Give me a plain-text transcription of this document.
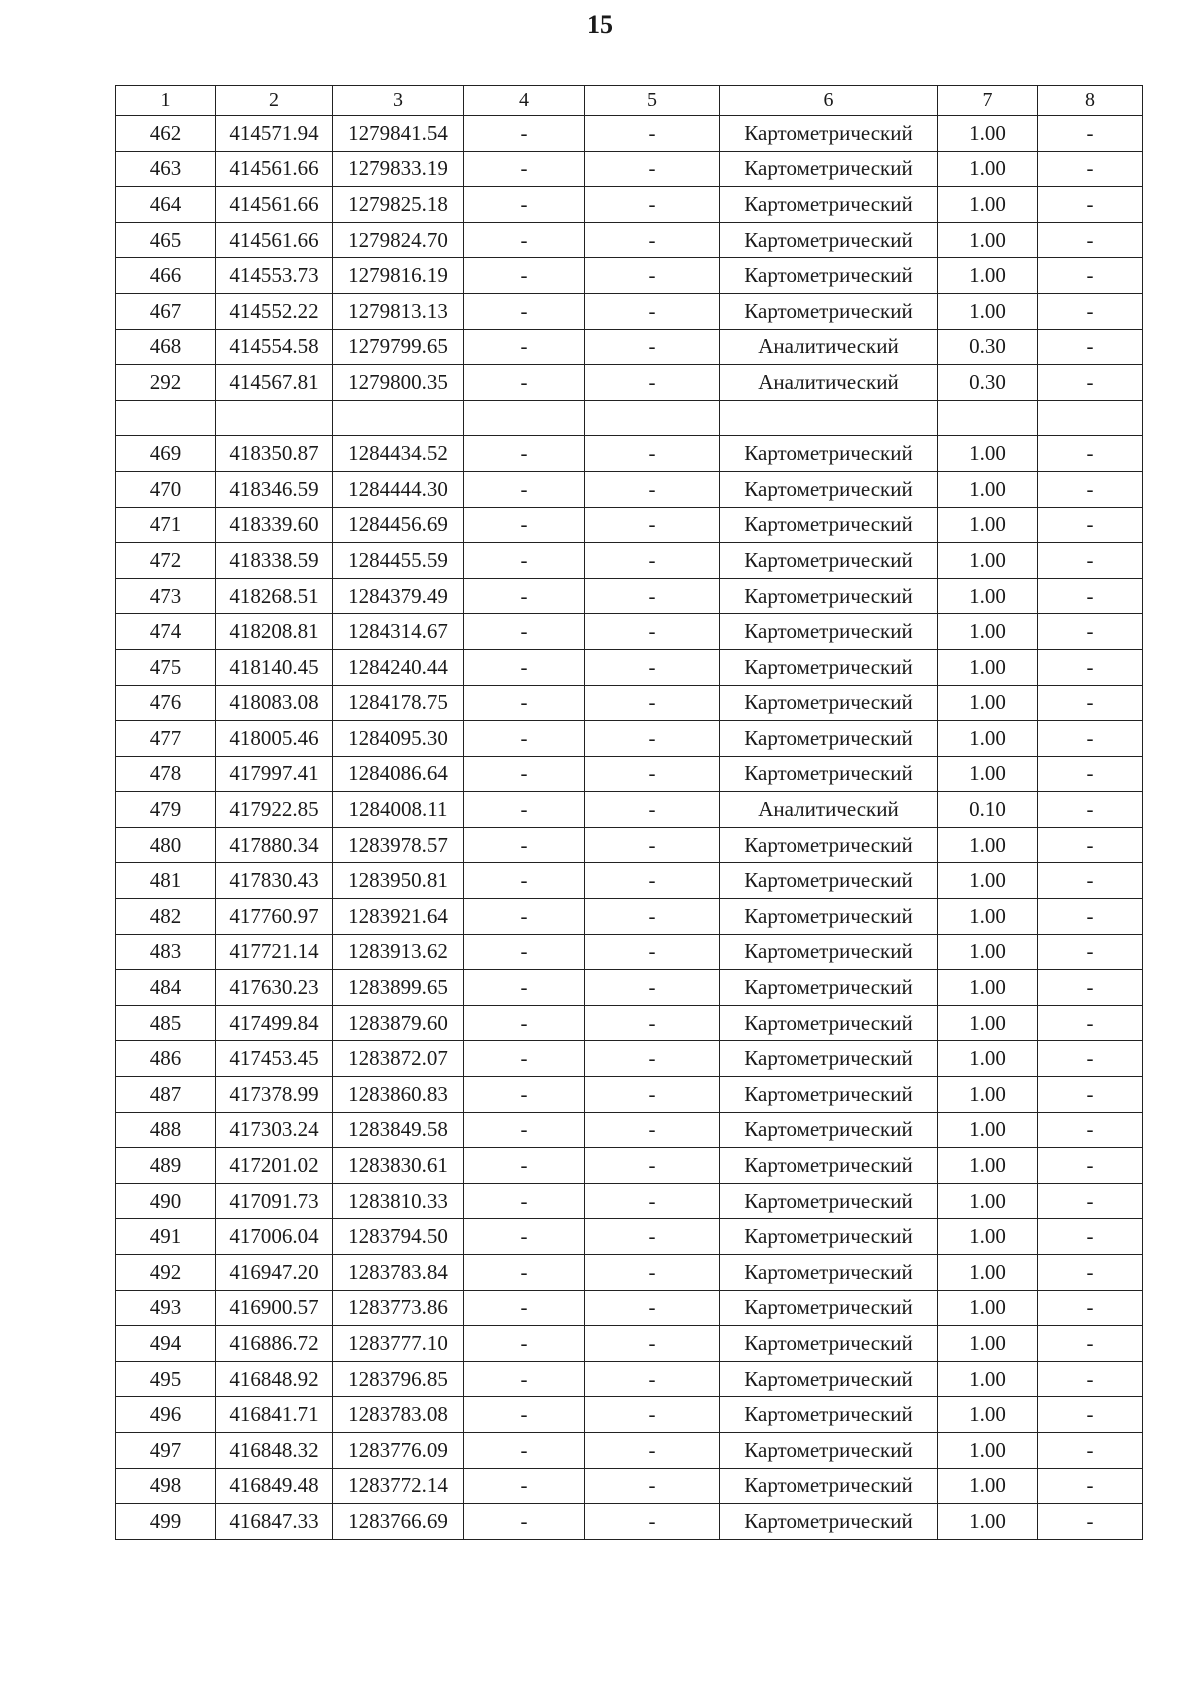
15
1	2	3	4	5	6	7	8
462	414571.94	1279841.54	-	-	Картометрический	1.00	-
463	414561.66	1279833.19	-	-	Картометрический	1.00	-
464	414561.66	1279825.18	-	-	Картометрический	1.00	-
465	414561.66	1279824.70	-	-	Картометрический	1.00	-
466	414553.73	1279816.19	-	-	Картометрический	1.00	-
467	414552.22	1279813.13	-	-	Картометрический	1.00	-
468	414554.58	1279799.65	-	-	Аналитический	0.30	-
292	414567.81	1279800.35	-	-	Аналитический	0.30	-

469	418350.87	1284434.52	-	-	Картометрический	1.00	-
470	418346.59	1284444.30	-	-	Картометрический	1.00	-
471	418339.60	1284456.69	-	-	Картометрический	1.00	-
472	418338.59	1284455.59	-	-	Картометрический	1.00	-
473	418268.51	1284379.49	-	-	Картометрический	1.00	-
474	418208.81	1284314.67	-	-	Картометрический	1.00	-
475	418140.45	1284240.44	-	-	Картометрический	1.00	-
476	418083.08	1284178.75	-	-	Картометрический	1.00	-
477	418005.46	1284095.30	-	-	Картометрический	1.00	-
478	417997.41	1284086.64	-	-	Картометрический	1.00	-
479	417922.85	1284008.11	-	-	Аналитический	0.10	-
480	417880.34	1283978.57	-	-	Картометрический	1.00	-
481	417830.43	1283950.81	-	-	Картометрический	1.00	-
482	417760.97	1283921.64	-	-	Картометрический	1.00	-
483	417721.14	1283913.62	-	-	Картометрический	1.00	-
484	417630.23	1283899.65	-	-	Картометрический	1.00	-
485	417499.84	1283879.60	-	-	Картометрический	1.00	-
486	417453.45	1283872.07	-	-	Картометрический	1.00	-
487	417378.99	1283860.83	-	-	Картометрический	1.00	-
488	417303.24	1283849.58	-	-	Картометрический	1.00	-
489	417201.02	1283830.61	-	-	Картометрический	1.00	-
490	417091.73	1283810.33	-	-	Картометрический	1.00	-
491	417006.04	1283794.50	-	-	Картометрический	1.00	-
492	416947.20	1283783.84	-	-	Картометрический	1.00	-
493	416900.57	1283773.86	-	-	Картометрический	1.00	-
494	416886.72	1283777.10	-	-	Картометрический	1.00	-
495	416848.92	1283796.85	-	-	Картометрический	1.00	-
496	416841.71	1283783.08	-	-	Картометрический	1.00	-
497	416848.32	1283776.09	-	-	Картометрический	1.00	-
498	416849.48	1283772.14	-	-	Картометрический	1.00	-
499	416847.33	1283766.69	-	-	Картометрический	1.00	-
